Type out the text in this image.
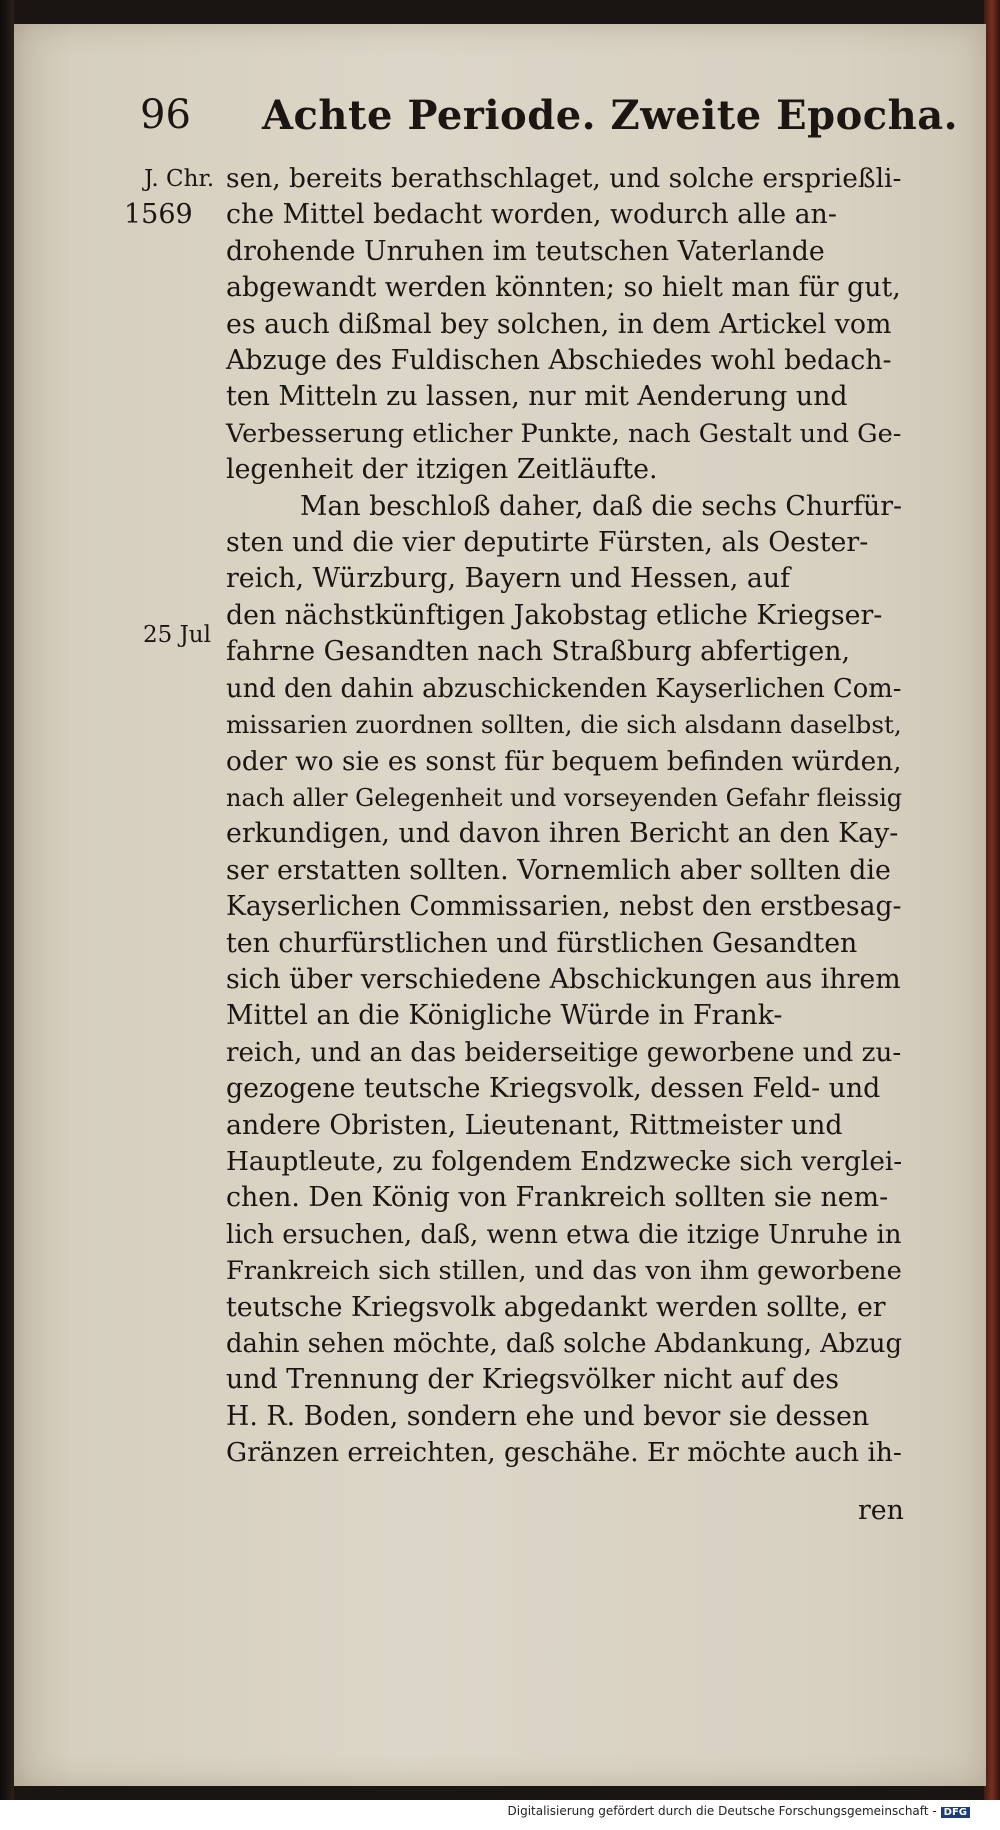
96 Achte Periode. Zweite Epocha.
J. Chr.
1569
25 Jul
sen, bereits berathschlaget, und solche ersprießli-
che Mittel bedacht worden, wodurch alle an-
drohende Unruhen im teutschen Vaterlande
abgewandt werden könnten; so hielt man für gut,
es auch dißmal bey solchen, in dem Artickel vom
Abzuge des Fuldischen Abschiedes wohl bedach-
ten Mitteln zu lassen, nur mit Aenderung und
Verbesserung etlicher Punkte, nach Gestalt und Ge-
legenheit der itzigen Zeitläufte.
Man beschloß daher, daß die sechs Churfür-
sten und die vier deputirte Fürsten, als Oester-
reich, Würzburg, Bayern und Hessen, auf
den nächstkünftigen Jakobstag etliche Kriegser-
fahrne Gesandten nach Straßburg abfertigen,
und den dahin abzuschickenden Kayserlichen Com-
missarien zuordnen sollten, die sich alsdann daselbst,
oder wo sie es sonst für bequem befinden würden,
nach aller Gelegenheit und vorseyenden Gefahr fleissig
erkundigen, und davon ihren Bericht an den Kay-
ser erstatten sollten. Vornemlich aber sollten die
Kayserlichen Commissarien, nebst den erstbesag-
ten churfürstlichen und fürstlichen Gesandten
sich über verschiedene Abschickungen aus ihrem
Mittel an die Königliche Würde in Frank-
reich, und an das beiderseitige geworbene und zu-
gezogene teutsche Kriegsvolk, dessen Feld- und
andere Obristen, Lieutenant, Rittmeister und
Hauptleute, zu folgendem Endzwecke sich verglei-
chen. Den König von Frankreich sollten sie nem-
lich ersuchen, daß, wenn etwa die itzige Unruhe in
Frankreich sich stillen, und das von ihm geworbene
teutsche Kriegsvolk abgedankt werden sollte, er
dahin sehen möchte, daß solche Abdankung, Abzug
und Trennung der Kriegsvölker nicht auf des
H. R. Boden, sondern ehe und bevor sie dessen
Gränzen erreichten, geschähe. Er möchte auch ih-
ren
Digitalisierung gefördert durch die Deutsche Forschungsgemeinschaft - DFG
